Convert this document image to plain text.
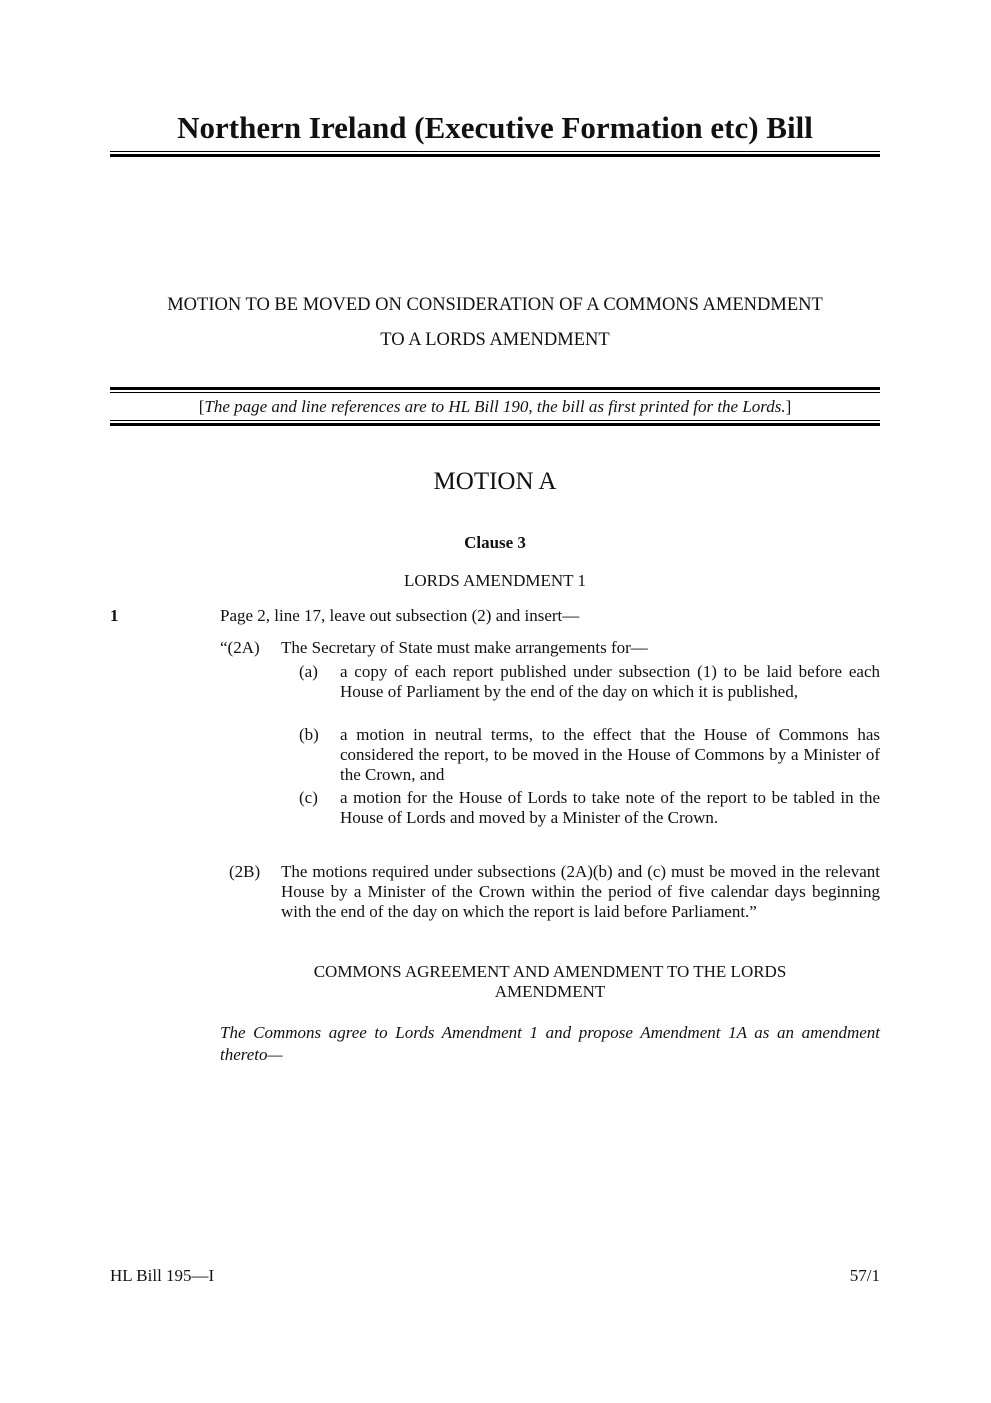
Northern Ireland (Executive Formation etc) Bill
MOTION TO BE MOVED ON CONSIDERATION OF A COMMONS AMENDMENT
TO A LORDS AMENDMENT
[The page and line references are to HL Bill 190, the bill as first printed for the Lords.]
MOTION A
Clause 3
LORDS AMENDMENT 1
1	Page 2, line 17, leave out subsection (2) and insert—
“(2A) The Secretary of State must make arrangements for—
(a) a copy of each report published under subsection (1) to be laid before each House of Parliament by the end of the day on which it is published,
(b) a motion in neutral terms, to the effect that the House of Commons has considered the report, to be moved in the House of Commons by a Minister of the Crown, and
(c) a motion for the House of Lords to take note of the report to be tabled in the House of Lords and moved by a Minister of the Crown.
(2B) The motions required under subsections (2A)(b) and (c) must be moved in the relevant House by a Minister of the Crown within the period of five calendar days beginning with the end of the day on which the report is laid before Parliament.”
COMMONS AGREEMENT AND AMENDMENT TO THE LORDS AMENDMENT
The Commons agree to Lords Amendment 1 and propose Amendment 1A as an amendment thereto—
HL Bill 195—I	57/1
